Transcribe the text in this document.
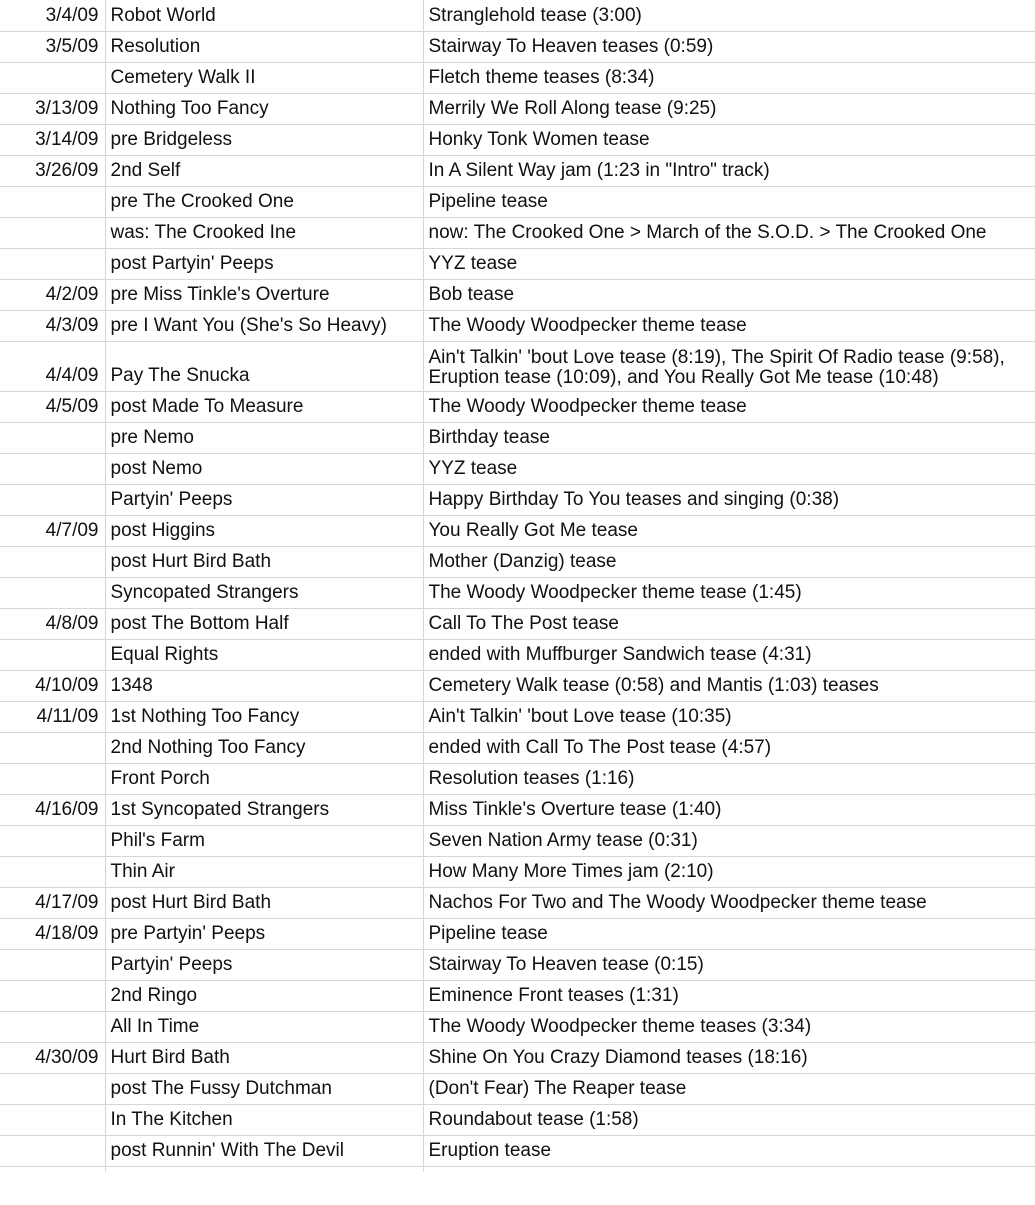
3/4/09	Robot World	Stranglehold tease (3:00)
3/5/09	Resolution	Stairway To Heaven teases (0:59)
	Cemetery Walk II	Fletch theme teases (8:34)
3/13/09	Nothing Too Fancy	Merrily We Roll Along tease (9:25)
3/14/09	pre Bridgeless	Honky Tonk Women tease
3/26/09	2nd Self	In A Silent Way jam (1:23 in "Intro" track)
	pre The Crooked One	Pipeline tease
	was: The Crooked Ine	now: The Crooked One > March of the S.O.D. > The Crooked One
	post Partyin' Peeps	YYZ tease
4/2/09	pre Miss Tinkle's Overture	Bob tease
4/3/09	pre I Want You (She's So Heavy)	The Woody Woodpecker theme tease
4/4/09	Pay The Snucka	Ain't Talkin' 'bout Love tease (8:19), The Spirit Of Radio tease (9:58), Eruption tease (10:09), and You Really Got Me tease (10:48)
4/5/09	post Made To Measure	The Woody Woodpecker theme tease
	pre Nemo	Birthday tease
	post Nemo	YYZ tease
	Partyin' Peeps	Happy Birthday To You teases and singing (0:38)
4/7/09	post Higgins	You Really Got Me tease
	post Hurt Bird Bath	Mother (Danzig) tease
	Syncopated Strangers	The Woody Woodpecker theme tease (1:45)
4/8/09	post The Bottom Half	Call To The Post tease
	Equal Rights	ended with Muffburger Sandwich tease (4:31)
4/10/09	1348	Cemetery Walk tease (0:58) and Mantis (1:03) teases
4/11/09	1st Nothing Too Fancy	Ain't Talkin' 'bout Love tease (10:35)
	2nd Nothing Too Fancy	ended with Call To The Post tease (4:57)
	Front Porch	Resolution teases (1:16)
4/16/09	1st Syncopated Strangers	Miss Tinkle's Overture tease (1:40)
	Phil's Farm	Seven Nation Army tease (0:31)
	Thin Air	How Many More Times jam (2:10)
4/17/09	post Hurt Bird Bath	Nachos For Two and The Woody Woodpecker theme tease
4/18/09	pre Partyin' Peeps	Pipeline tease
	Partyin' Peeps	Stairway To Heaven tease (0:15)
	2nd Ringo	Eminence Front teases (1:31)
	All In Time	The Woody Woodpecker theme teases (3:34)
4/30/09	Hurt Bird Bath	Shine On You Crazy Diamond teases (18:16)
	post The Fussy Dutchman	(Don't Fear) The Reaper tease
	In The Kitchen	Roundabout tease (1:58)
	post Runnin' With The Devil	Eruption tease
